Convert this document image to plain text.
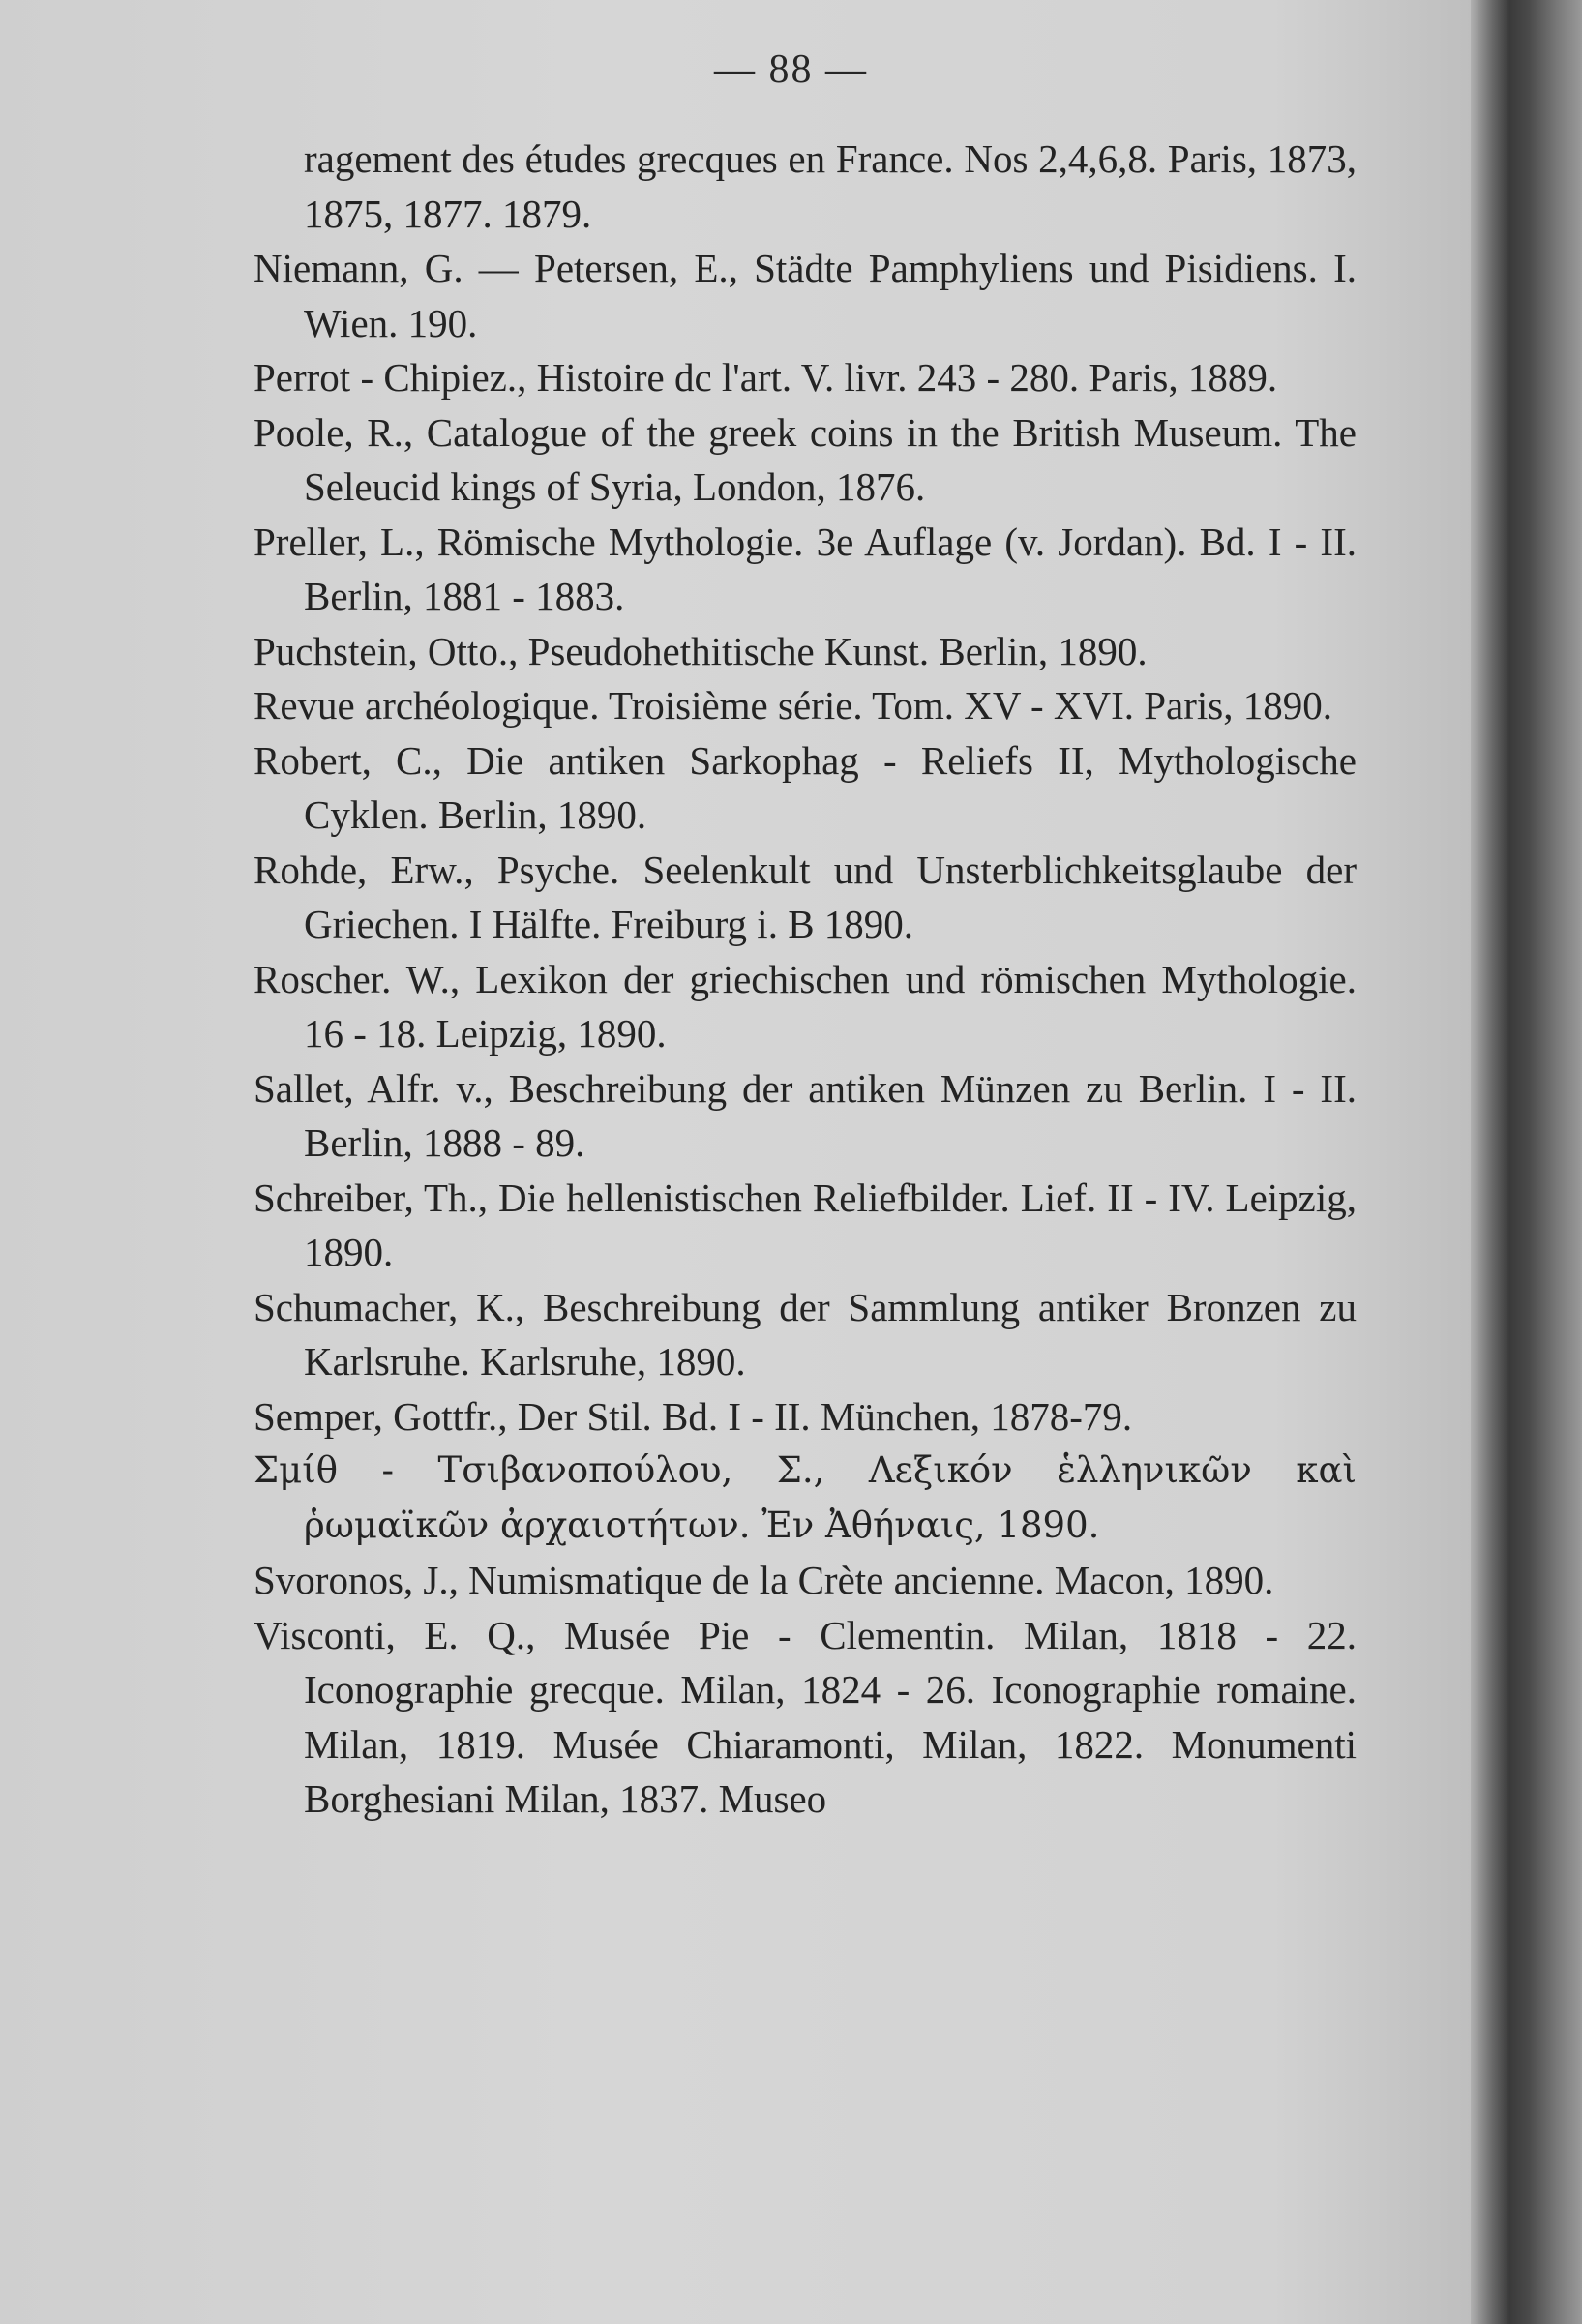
— 88 —

ragement des études grecques en France. Nos 2,4,6,8. Paris, 1873, 1875, 1877. 1879.
Niemann, G. — Petersen, E., Städte Pamphyliens und Pisidiens. I. Wien. 190.
Perrot - Chipiez., Histoire dc l'art. V. livr. 243 - 280. Paris, 1889.
Poole, R., Catalogue of the greek coins in the British Museum. The Seleucid kings of Syria, London, 1876.
Preller, L., Römische Mythologie. 3e Auflage (v. Jordan). Bd. I - II. Berlin, 1881 - 1883.
Puchstein, Otto., Pseudohethitische Kunst. Berlin, 1890.
Revue archéologique. Troisième série. Tom. XV - XVI. Paris, 1890.
Robert, C., Die antiken Sarkophag - Reliefs II, Mythologische Cyklen. Berlin, 1890.
Rohde, Erw., Psyche. Seelenkult und Unsterblichkeitsglaube der Griechen. I Hälfte. Freiburg i. B 1890.
Roscher. W., Lexikon der griechischen und römischen Mythologie. 16 - 18. Leipzig, 1890.
Sallet, Alfr. v., Beschreibung der antiken Münzen zu Berlin. I - II. Berlin, 1888 - 89.
Schreiber, Th., Die hellenistischen Reliefbilder. Lief. II - IV. Leipzig, 1890.
Schumacher, K., Beschreibung der Sammlung antiker Bronzen zu Karlsruhe. Karlsruhe, 1890.
Semper, Gottfr., Der Stil. Bd. I - II. München, 1878-79.
Σμίθ - Τσιβανοπούλου, Σ., Λεξικόν ἑλληνικῶν καὶ ῥωμαϊκῶν ἀρχαιοτήτων. Ἐν Ἀθήναις, 1890.
Svoronos, J., Numismatique de la Crète ancienne. Macon, 1890.
Visconti, E. Q., Musée Pie - Clementin. Milan, 1818 - 22. Iconographie grecque. Milan, 1824 - 26. Iconographie romaine. Milan, 1819. Musée Chiaramonti, Milan, 1822. Monumenti Borghesiani Milan, 1837. Museo
